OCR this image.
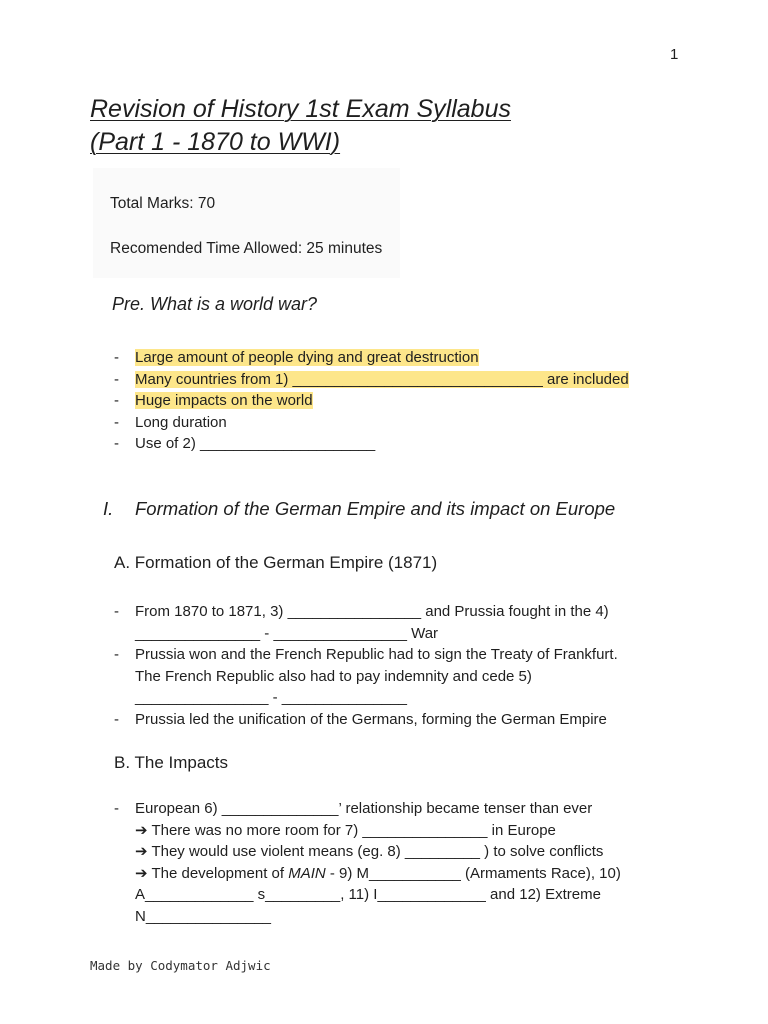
1
Revision of History 1st Exam Syllabus
(Part 1 - 1870 to WWI)
Total Marks: 70
Recomended Time Allowed: 25 minutes
Pre. What is a world war?
- Large amount of people dying and great destruction
- Many countries from 1) ______________________________ are included
- Huge impacts on the world
- Long duration
- Use of 2) _____________________
I. Formation of the German Empire and its impact on Europe
A. Formation of the German Empire (1871)
- From 1870 to 1871, 3) ________________ and Prussia fought in the 4)
_______________ - ________________ War
- Prussia won and the French Republic had to sign the Treaty of Frankfurt.
The French Republic also had to pay indemnity and cede 5)
________________ - _______________
- Prussia led the unification of the Germans, forming the German Empire
B. The Impacts
- European 6) ______________’ relationship became tenser than ever
➔ There was no more room for 7) _______________ in Europe
➔ They would use violent means (eg. 8) _________ ) to solve conflicts
➔ The development of MAIN - 9) M___________ (Armaments Race), 10)
A_____________ s_________, 11) I_____________ and 12) Extreme
N_______________
Made by Codymator Adjwic
